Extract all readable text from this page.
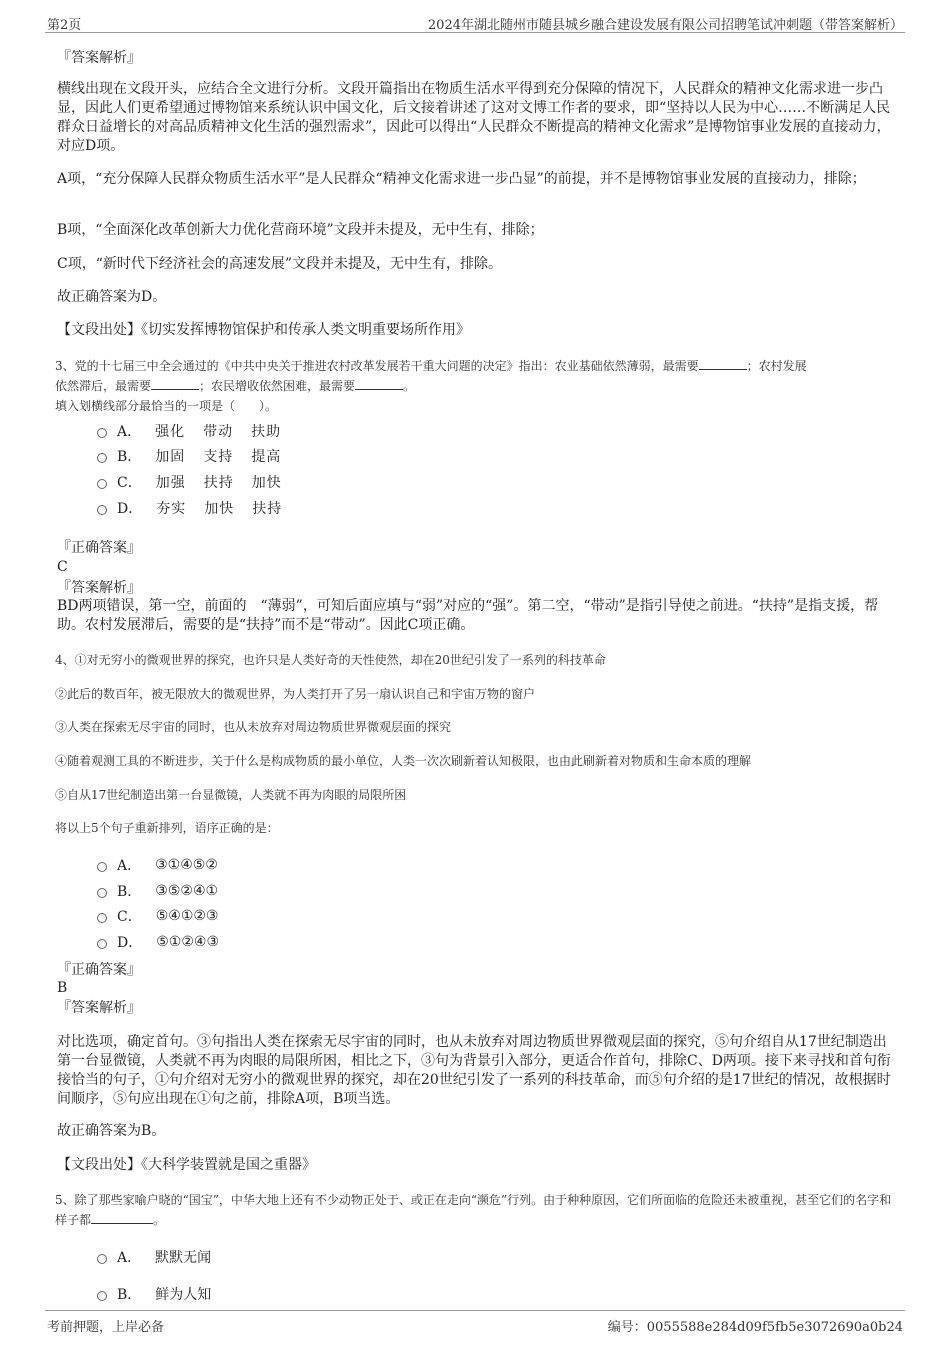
第2页	2024年湖北随州市随县城乡融合建设发展有限公司招聘笔试冲刺题（带答案解析）
『答案解析』
横线出现在文段开头，应结合全文进行分析。文段开篇指出在物质生活水平得到充分保障的情况下，人民群众的精神文化需求进一步凸显，因此人们更希望通过博物馆来系统认识中国文化，后文接着讲述了这对文博工作者的要求，即“坚持以人民为中心……不断满足人民群众日益增长的对高品质精神文化生活的强烈需求”，因此可以得出“人民群众不断提高的精神文化需求”是博物馆事业发展的直接动力，对应D项。
A项，“充分保障人民群众物质生活水平”是人民群众“精神文化需求进一步凸显”的前提，并不是博物馆事业发展的直接动力，排除；
B项，“全面深化改革创新大力优化营商环境”文段并未提及，无中生有，排除；
C项，“新时代下经济社会的高速发展”文段并未提及，无中生有，排除。
故正确答案为D。
【文段出处】《切实发挥博物馆保护和传承人类文明重要场所作用》
3、党的十七届三中全会通过的《中共中央关于推进农村改革发展若干重大问题的决定》指出：农业基础依然薄弱，最需要	；农村发展
依然滞后，最需要	；农民增收依然困难，最需要	。
填入划横线部分最恰当的一项是（　　）。
A． 强化 带动 扶助
B． 加固 支持 提高
C． 加强 扶持 加快
D． 夯实 加快 扶持
『正确答案』
C
『答案解析』
BD两项错误，第一空，前面的　“薄弱”，可知后面应填与“弱”对应的“强”。第二空，“带动”是指引导使之前进。“扶持”是指支援，帮助。农村发展滞后，需要的是“扶持”而不是“带动”。因此C项正确。
4、①对无穷小的微观世界的探究，也许只是人类好奇的天性使然，却在20世纪引发了一系列的科技革命
②此后的数百年，被无限放大的微观世界，为人类打开了另一扇认识自己和宇宙万物的窗户
③人类在探索无尽宇宙的同时，也从未放弃对周边物质世界微观层面的探究
④随着观测工具的不断进步，关于什么是构成物质的最小单位，人类一次次刷新着认知极限，也由此刷新着对物质和生命本质的理解
⑤自从17世纪制造出第一台显微镜，人类就不再为肉眼的局限所困
将以上5个句子重新排列，语序正确的是：
A． ③①④⑤②
B． ③⑤②④①
C． ⑤④①②③
D． ⑤①②④③
『正确答案』
B
『答案解析』
对比选项，确定首句。③句指出人类在探索无尽宇宙的同时，也从未放弃对周边物质世界微观层面的探究，⑤句介绍自从17世纪制造出第一台显微镜，人类就不再为肉眼的局限所困，相比之下，③句为背景引入部分，更适合作首句，排除C、D两项。接下来寻找和首句衔接恰当的句子，①句介绍对无穷小的微观世界的探究，却在20世纪引发了一系列的科技革命，而⑤句介绍的是17世纪的情况，故根据时间顺序，⑤句应出现在①句之前，排除A项，B项当选。
故正确答案为B。
【文段出处】《大科学装置就是国之重器》
5、除了那些家喻户晓的“国宝”，中华大地上还有不少动物正处于、或正在走向“濒危”行列。由于种种原因，它们所面临的危险还未被重视，甚至它们的名字和样子都	。
A． 默默无闻
B． 鲜为人知
考前押题，上岸必备	编号：0055588e284d09f5fb5e3072690a0b24
